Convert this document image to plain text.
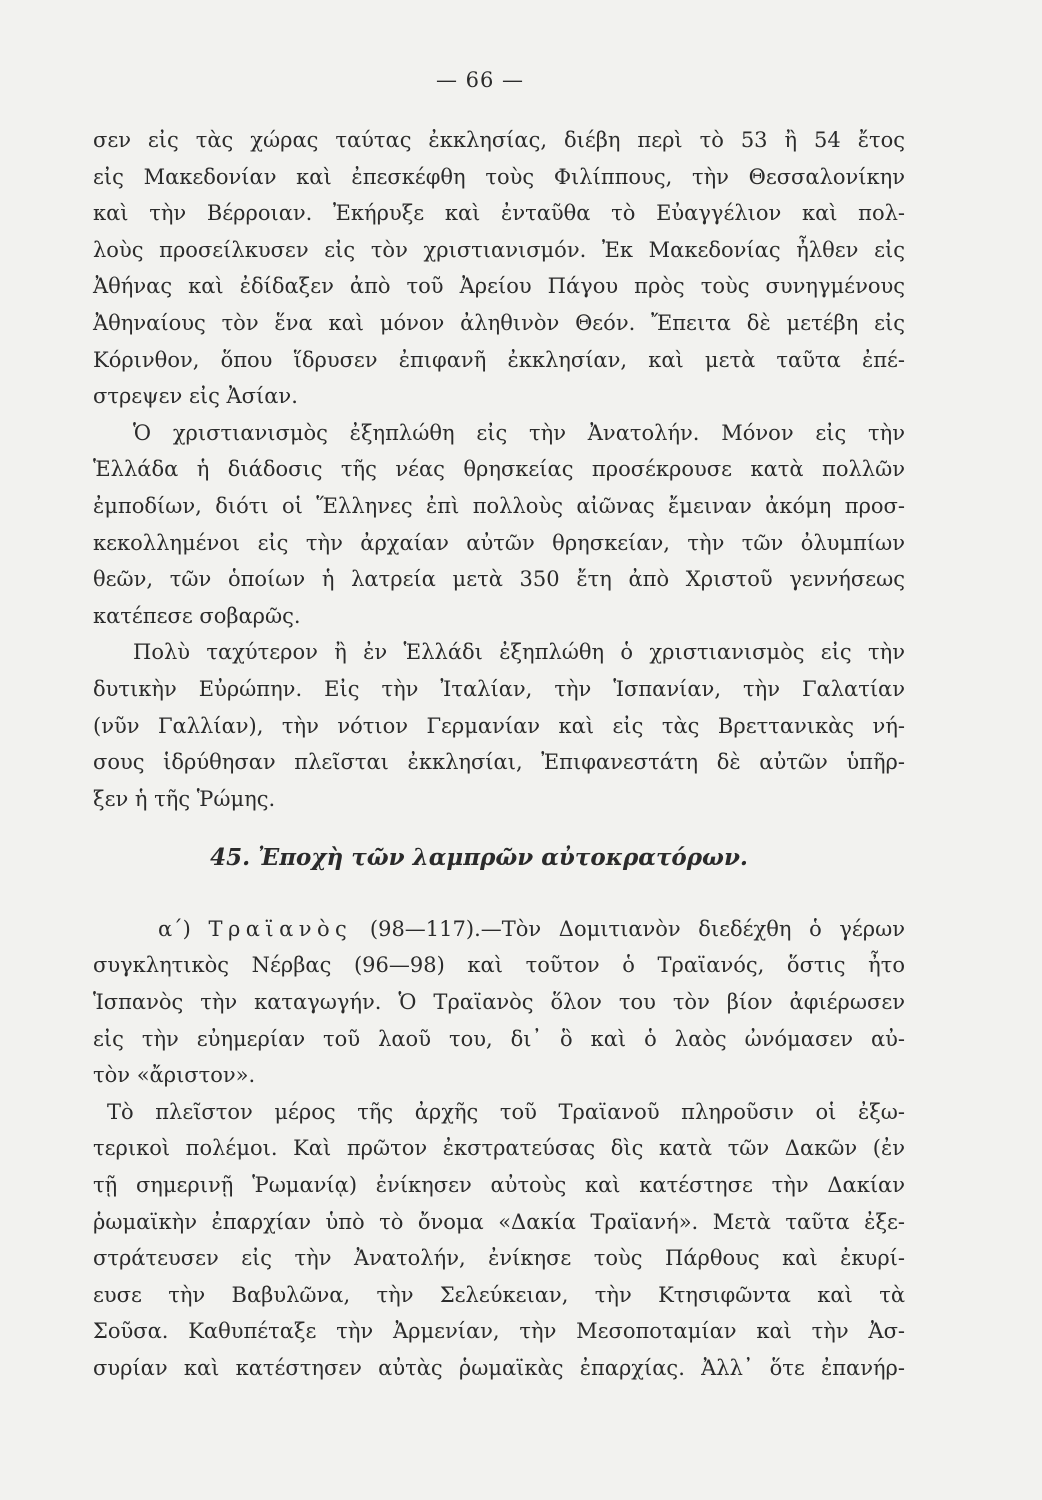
— 66 —
σεν εἰς τὰς χώρας ταύτας ἐκκλησίας, διέβη περὶ τὸ 53 ἢ 54 ἔτος
εἰς Μακεδονίαν καὶ ἐπεσκέφθη τοὺς Φιλίππους, τὴν Θεσσαλονίκην
καὶ τὴν Βέρροιαν. Ἐκήρυξε καὶ ἐνταῦθα τὸ Εὐαγγέλιον καὶ πολ-
λοὺς προσείλκυσεν εἰς τὸν χριστιανισμόν. Ἐκ Μακεδονίας ἦλθεν εἰς
Ἀθήνας καὶ ἐδίδαξεν ἀπὸ τοῦ Ἀρείου Πάγου πρὸς τοὺς συνηγμένους
Ἀθηναίους τὸν ἕνα καὶ μόνον ἀληθινὸν Θεόν. Ἔπειτα δὲ μετέβη εἰς
Κόρινθον, ὅπου ἵδρυσεν ἐπιφανῆ ἐκκλησίαν, καὶ μετὰ ταῦτα ἐπέ-
στρεψεν εἰς Ἀσίαν.
Ὁ χριστιανισμὸς ἐξηπλώθη εἰς τὴν Ἀνατολήν. Μόνον εἰς τὴν
Ἑλλάδα ἡ διάδοσις τῆς νέας θρησκείας προσέκρουσε κατὰ πολλῶν
ἐμποδίων, διότι οἱ Ἕλληνες ἐπὶ πολλοὺς αἰῶνας ἔμειναν ἀκόμη προσ-
κεκολλημένοι εἰς τὴν ἀρχαίαν αὐτῶν θρησκείαν, τὴν τῶν ὀλυμπίων
θεῶν, τῶν ὁποίων ἡ λατρεία μετὰ 350 ἔτη ἀπὸ Χριστοῦ γεννήσεως
κατέπεσε σοβαρῶς.
Πολὺ ταχύτερον ἢ ἐν Ἑλλάδι ἐξηπλώθη ὁ χριστιανισμὸς εἰς τὴν
δυτικὴν Εὐρώπην. Εἰς τὴν Ἰταλίαν, τὴν Ἱσπανίαν, τὴν Γαλατίαν
(νῦν Γαλλίαν), τὴν νότιον Γερμανίαν καὶ εἰς τὰς Βρεττανικὰς νή-
σους ἱδρύθησαν πλεῖσται ἐκκλησίαι, Ἐπιφανεστάτη δὲ αὐτῶν ὑπῆρ-
ξεν ἡ τῆς Ῥώμης.
45. Ἐποχὴ τῶν λαμπρῶν αὐτοκρατόρων.
α΄) Τραϊανὸς (98—117).—Τὸν Δομιτιανὸν διεδέχθη ὁ γέρων
συγκλητικὸς Νέρβας (96—98) καὶ τοῦτον ὁ Τραϊανός, ὅστις ἦτο
Ἱσπανὸς τὴν καταγωγήν. Ὁ Τραϊανὸς ὅλον του τὸν βίον ἀφιέρωσεν
εἰς τὴν εὐημερίαν τοῦ λαοῦ του, δι᾽ ὃ καὶ ὁ λαὸς ὠνόμασεν αὐ-
τὸν «ἄριστον».
Τὸ πλεῖστον μέρος τῆς ἀρχῆς τοῦ Τραϊανοῦ πληροῦσιν οἱ ἐξω-
τερικοὶ πολέμοι. Καὶ πρῶτον ἐκστρατεύσας δὶς κατὰ τῶν Δακῶν (ἐν
τῇ σημερινῇ Ῥωμανίᾳ) ἐνίκησεν αὐτοὺς καὶ κατέστησε τὴν Δακίαν
ῥωμαϊκὴν ἐπαρχίαν ὑπὸ τὸ ὄνομα «Δακία Τραϊανή». Μετὰ ταῦτα ἐξε-
στράτευσεν εἰς τὴν Ἀνατολήν, ἐνίκησε τοὺς Πάρθους καὶ ἐκυρί-
ευσε τὴν Βαβυλῶνα, τὴν Σελεύκειαν, τὴν Κτησιφῶντα καὶ τὰ
Σοῦσα. Καθυπέταξε τὴν Ἀρμενίαν, τὴν Μεσοποταμίαν καὶ τὴν Ἀσ-
συρίαν καὶ κατέστησεν αὐτὰς ῥωμαϊκὰς ἐπαρχίας. Ἀλλ᾽ ὅτε ἐπανήρ-
